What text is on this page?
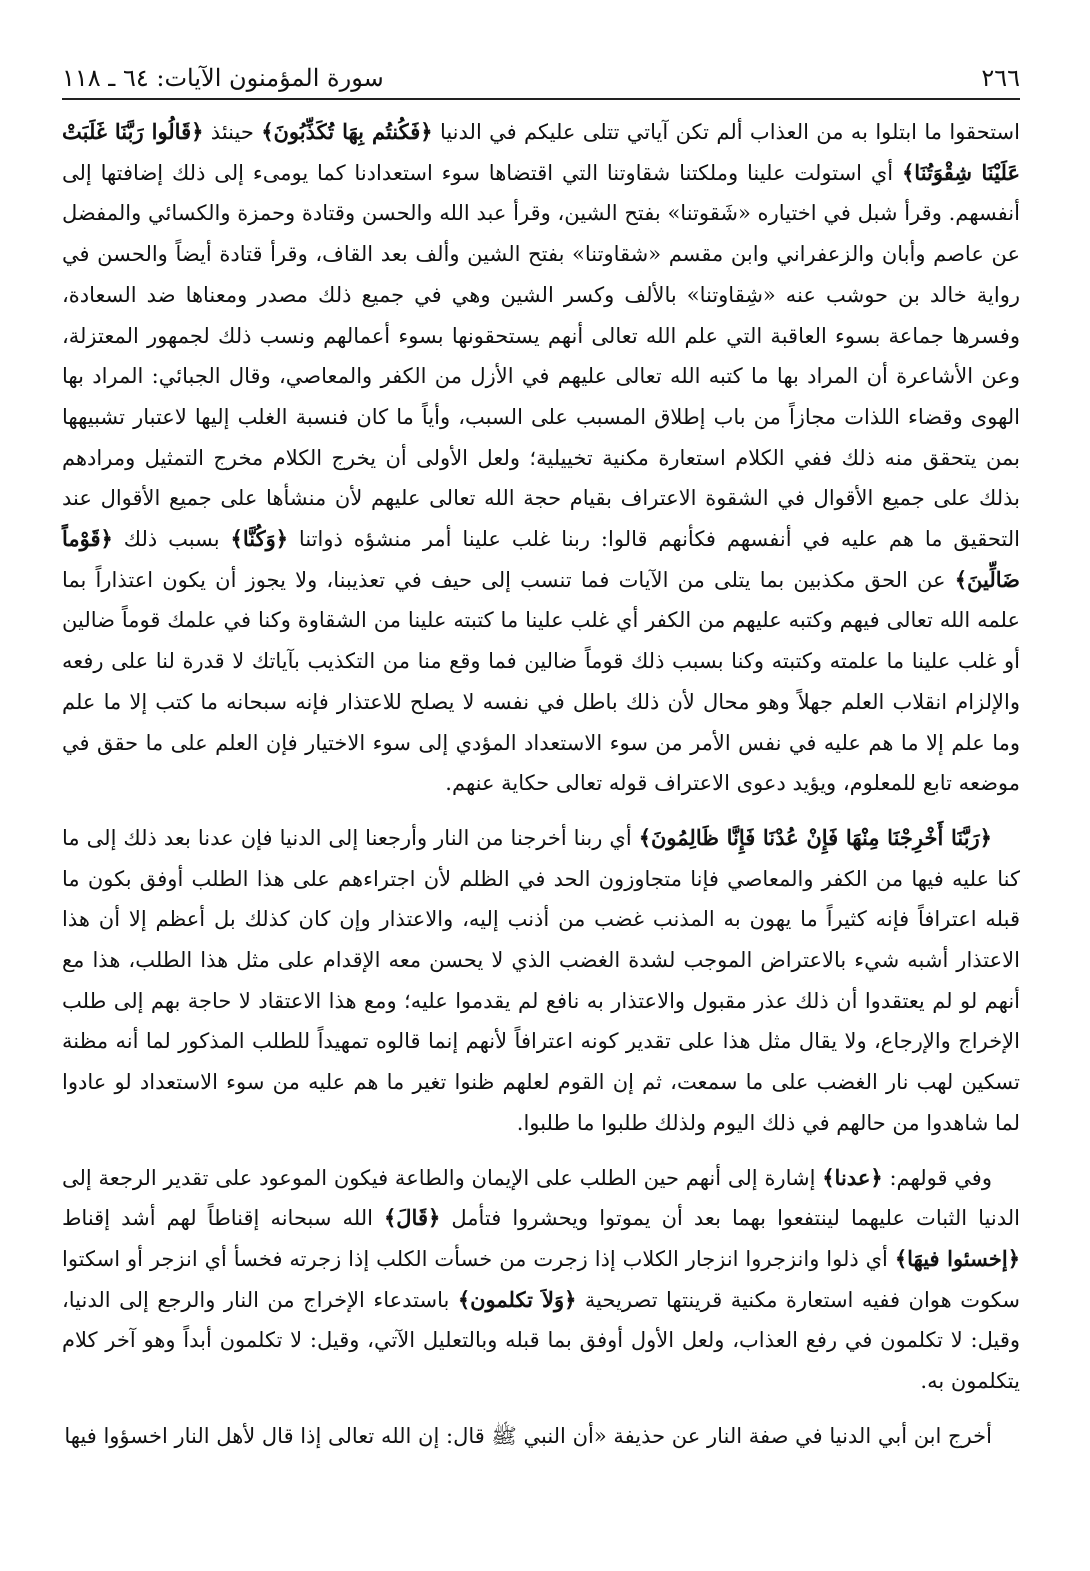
٢٦٦
سورة المؤمنون الآيات: ٦٤ ـ ١١٨

استحقوا ما ابتلوا به من العذاب ألم تكن آياتي تتلى عليكم في الدنيا ﴿فَكُنتُم بِهَا تُكَذِّبُونَ﴾ حينئذ ﴿قَالُوا رَبَّنَا غَلَبَتْ عَلَيْنَا شِقْوَتُنَا﴾ أي استولت علينا وملكتنا شقاوتنا التي اقتضاها سوء استعدادنا كما يومىء إلى ذلك إضافتها إلى أنفسهم. وقرأ شبل في اختياره «شَقوتنا» بفتح الشين، وقرأ عبد الله والحسن وقتادة وحمزة والكسائي والمفضل عن عاصم وأبان والزعفراني وابن مقسم «شقاوتنا» بفتح الشين وألف بعد القاف، وقرأ قتادة أيضاً والحسن في رواية خالد بن حوشب عنه «شِقاوتنا» بالألف وكسر الشين وهي في جميع ذلك مصدر ومعناها ضد السعادة، وفسرها جماعة بسوء العاقبة التي علم الله تعالى أنهم يستحقونها بسوء أعمالهم ونسب ذلك لجمهور المعتزلة، وعن الأشاعرة أن المراد بها ما كتبه الله تعالى عليهم في الأزل من الكفر والمعاصي، وقال الجبائي: المراد بها الهوى وقضاء اللذات مجازاً من باب إطلاق المسبب على السبب، وأياً ما كان فنسبة الغلب إليها لاعتبار تشبيهها بمن يتحقق منه ذلك ففي الكلام استعارة مكنية تخييلية؛ ولعل الأولى أن يخرج الكلام مخرج التمثيل ومرادهم بذلك على جميع الأقوال في الشقوة الاعتراف بقيام حجة الله تعالى عليهم لأن منشأها على جميع الأقوال عند التحقيق ما هم عليه في أنفسهم فكأنهم قالوا: ربنا غلب علينا أمر منشؤه ذواتنا ﴿وَكُنَّا﴾ بسبب ذلك ﴿قَوْماً ضَالِّينَ﴾ عن الحق مكذبين بما يتلى من الآيات فما تنسب إلى حيف في تعذيبنا، ولا يجوز أن يكون اعتذاراً بما علمه الله تعالى فيهم وكتبه عليهم من الكفر أي غلب علينا ما كتبته علينا من الشقاوة وكنا في علمك قوماً ضالين أو غلب علينا ما علمته وكتبته وكنا بسبب ذلك قوماً ضالين فما وقع منا من التكذيب بآياتك لا قدرة لنا على رفعه والإلزام انقلاب العلم جهلاً وهو محال لأن ذلك باطل في نفسه لا يصلح للاعتذار فإنه سبحانه ما كتب إلا ما علم وما علم إلا ما هم عليه في نفس الأمر من سوء الاستعداد المؤدي إلى سوء الاختيار فإن العلم على ما حقق في موضعه تابع للمعلوم، ويؤيد دعوى الاعتراف قوله تعالى حكاية عنهم.

﴿رَبَّنَا أَخْرِجْنَا مِنْهَا فَإِنْ عُدْنَا فَإِنَّا ظَالِمُونَ﴾ أي ربنا أخرجنا من النار وأرجعنا إلى الدنيا فإن عدنا بعد ذلك إلى ما كنا عليه فيها من الكفر والمعاصي فإنا متجاوزون الحد في الظلم لأن اجتراءهم على هذا الطلب أوفق بكون ما قبله اعترافاً فإنه كثيراً ما يهون به المذنب غضب من أذنب إليه، والاعتذار وإن كان كذلك بل أعظم إلا أن هذا الاعتذار أشبه شيء بالاعتراض الموجب لشدة الغضب الذي لا يحسن معه الإقدام على مثل هذا الطلب، هذا مع أنهم لو لم يعتقدوا أن ذلك عذر مقبول والاعتذار به نافع لم يقدموا عليه؛ ومع هذا الاعتقاد لا حاجة بهم إلى طلب الإخراج والإرجاع، ولا يقال مثل هذا على تقدير كونه اعترافاً لأنهم إنما قالوه تمهيداً للطلب المذكور لما أنه مظنة تسكين لهب نار الغضب على ما سمعت، ثم إن القوم لعلهم ظنوا تغير ما هم عليه من سوء الاستعداد لو عادوا لما شاهدوا من حالهم في ذلك اليوم ولذلك طلبوا ما طلبوا.

وفي قولهم: ﴿عدنا﴾ إشارة إلى أنهم حين الطلب على الإيمان والطاعة فيكون الموعود على تقدير الرجعة إلى الدنيا الثبات عليهما لينتفعوا بهما بعد أن يموتوا ويحشروا فتأمل ﴿قَالَ﴾ الله سبحانه إقناطاً لهم أشد إقناط ﴿إخسئوا فيهَا﴾ أي ذلوا وانزجروا انزجار الكلاب إذا زجرت من خسأت الكلب إذا زجرته فخسأ أي انزجر أو اسكتوا سكوت هوان ففيه استعارة مكنية قرينتها تصريحية ﴿وَلاَ تكلمون﴾ باستدعاء الإخراج من النار والرجع إلى الدنيا، وقيل: لا تكلمون في رفع العذاب، ولعل الأول أوفق بما قبله وبالتعليل الآتي، وقيل: لا تكلمون أبداً وهو آخر كلام يتكلمون به.

أخرج ابن أبي الدنيا في صفة النار عن حذيفة «أن النبي ﷺ قال: إن الله تعالى إذا قال لأهل النار اخسؤوا فيها
